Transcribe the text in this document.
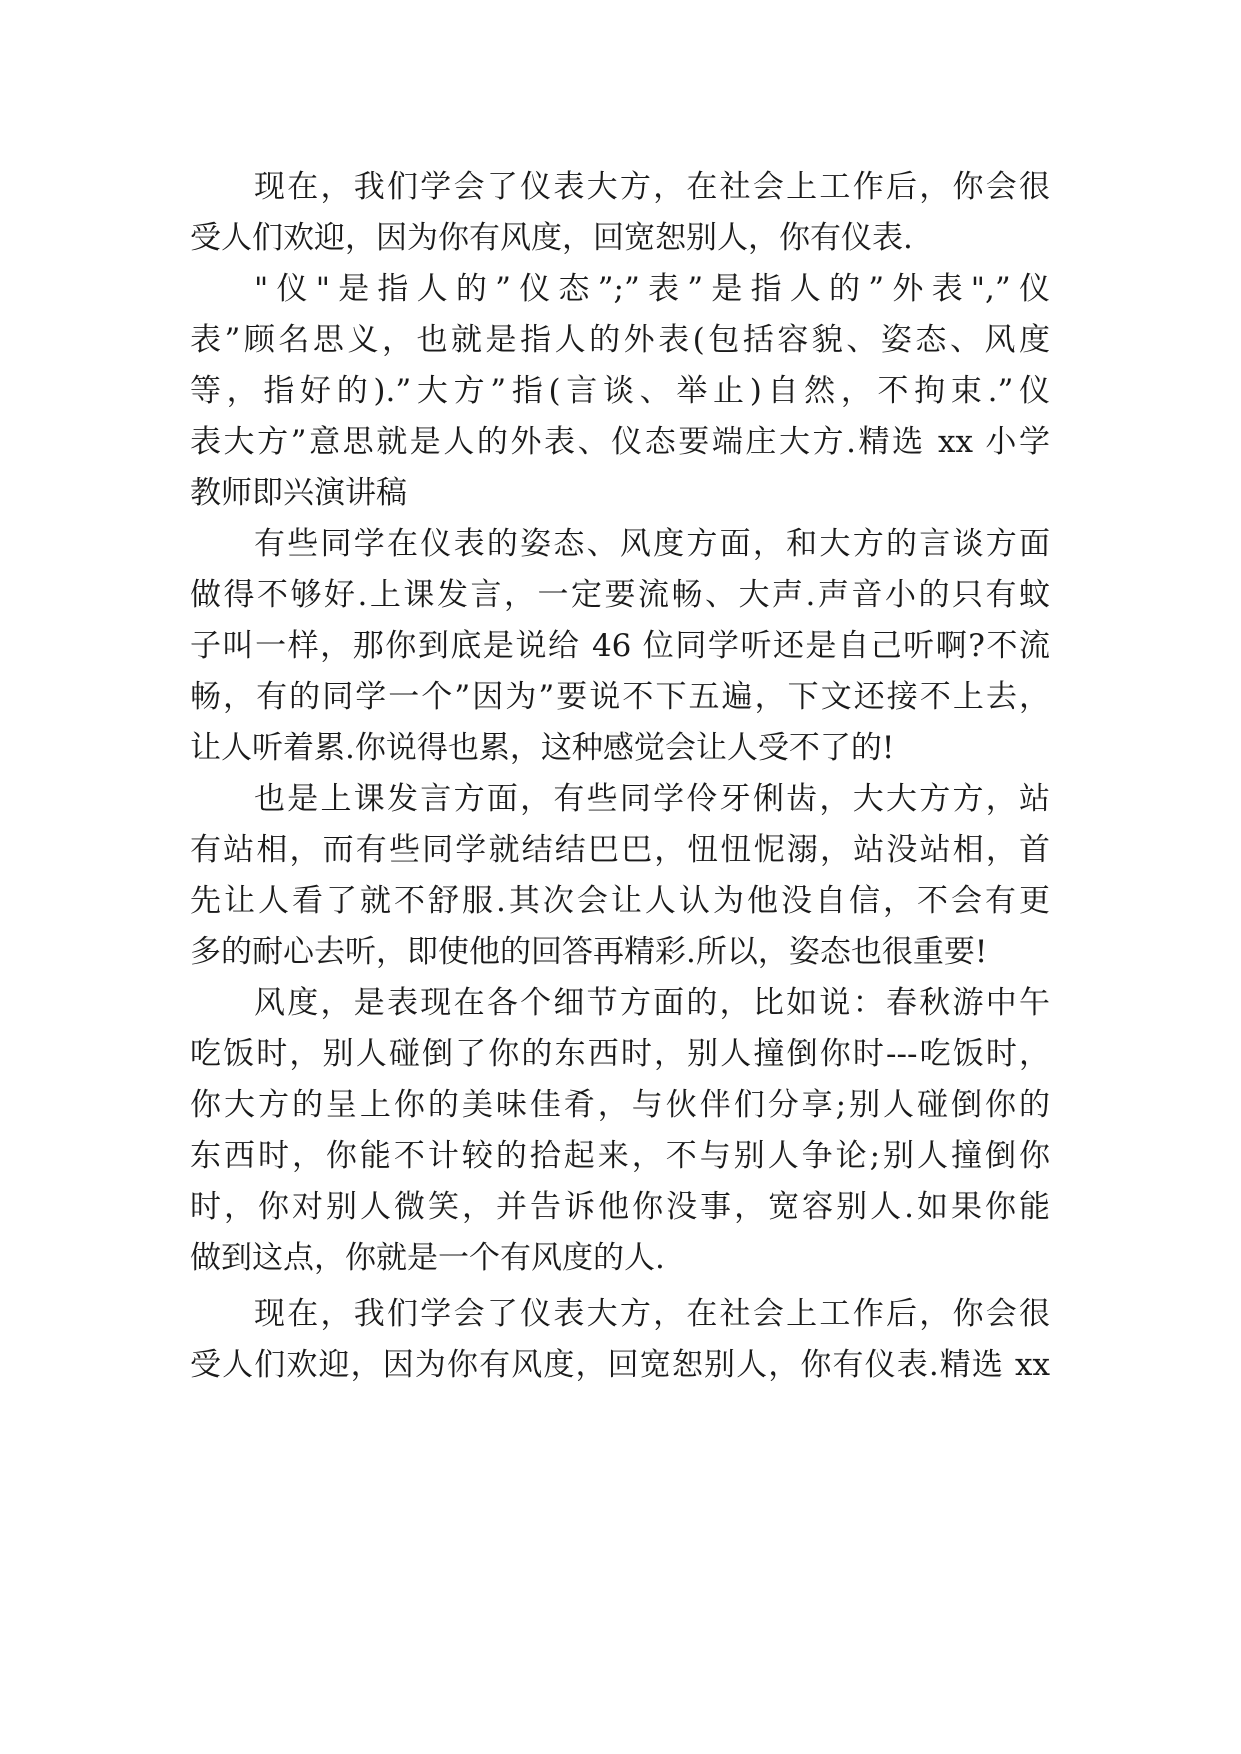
现在，我们学会了仪表大方，在社会上工作后，你会很
受人们欢迎，因为你有风度，回宽恕别人，你有仪表.
"仪"是指人的”仪态”;”表”是指人的”外表",”仪
表”顾名思义，也就是指人的外表(包括容貌、姿态、风度
等，指好的).”大方”指(言谈、举止)自然，不拘束.”仪
表大方”意思就是人的外表、仪态要端庄大方.精选 xx 小学
教师即兴演讲稿
有些同学在仪表的姿态、风度方面，和大方的言谈方面
做得不够好.上课发言，一定要流畅、大声.声音小的只有蚊
子叫一样，那你到底是说给 46 位同学听还是自己听啊?不流
畅，有的同学一个”因为”要说不下五遍，下文还接不上去，
让人听着累.你说得也累，这种感觉会让人受不了的!
也是上课发言方面，有些同学伶牙俐齿，大大方方，站
有站相，而有些同学就结结巴巴，忸忸怩溺，站没站相，首
先让人看了就不舒服.其次会让人认为他没自信，不会有更
多的耐心去听，即使他的回答再精彩.所以，姿态也很重要!
风度，是表现在各个细节方面的，比如说：春秋游中午
吃饭时，别人碰倒了你的东西时，别人撞倒你时---吃饭时，
你大方的呈上你的美味佳肴，与伙伴们分享;别人碰倒你的
东西时，你能不计较的拾起来，不与别人争论;别人撞倒你
时，你对别人微笑，并告诉他你没事，宽容别人.如果你能
做到这点，你就是一个有风度的人.
现在，我们学会了仪表大方，在社会上工作后，你会很
受人们欢迎，因为你有风度，回宽恕别人，你有仪表.精选 xx
